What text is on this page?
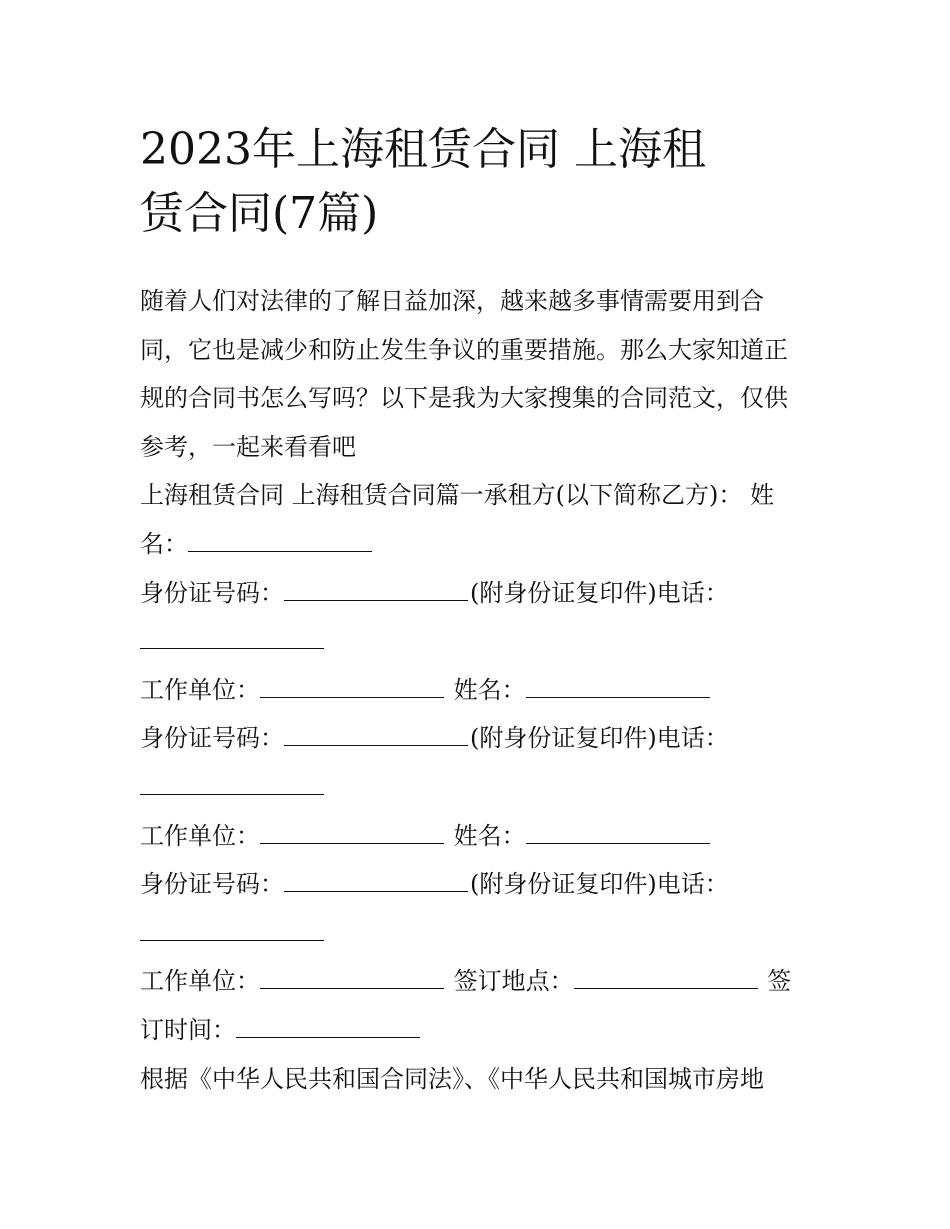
2023年上海租赁合同 上海租
赁合同(7篇)
随着人们对法律的了解日益加深，越来越多事情需要用到合
同，它也是减少和防止发生争议的重要措施。那么大家知道正
规的合同书怎么写吗？以下是我为大家搜集的合同范文，仅供
参考，一起来看看吧
上海租赁合同 上海租赁合同篇一承租方(以下简称乙方)： 姓
名：
身份证号码：	(附身份证复印件)电话：
工作单位：	姓名：
身份证号码：	(附身份证复印件)电话：
工作单位：	姓名：
身份证号码：	(附身份证复印件)电话：
工作单位：	签订地点：	签
订时间：
根据《中华人民共和国合同法》、《中华人民共和国城市房地
